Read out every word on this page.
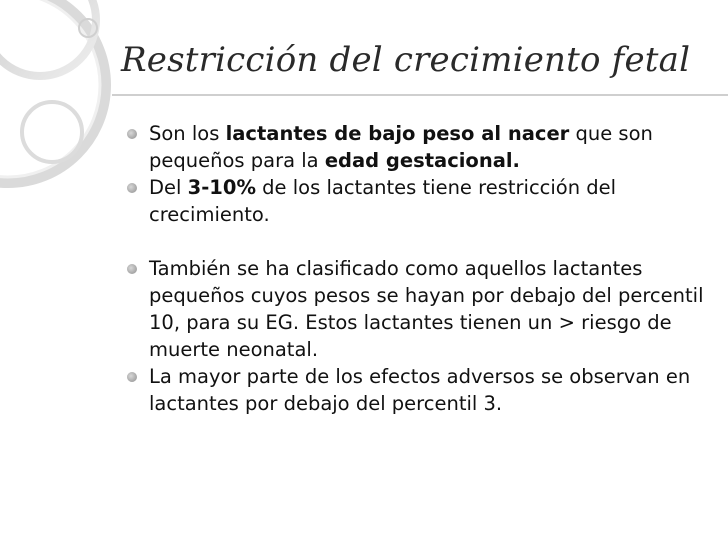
Restricción del crecimiento fetal
Son los lactantes de bajo peso al nacer que son pequeños para la edad gestacional.
Del 3-10% de los lactantes tiene restricción del crecimiento.
También se ha clasificado como aquellos lactantes pequeños cuyos pesos se hayan por debajo del percentil 10, para su EG. Estos lactantes tienen un > riesgo de muerte neonatal.
La mayor parte de los efectos adversos se observan en lactantes por debajo del percentil 3.
